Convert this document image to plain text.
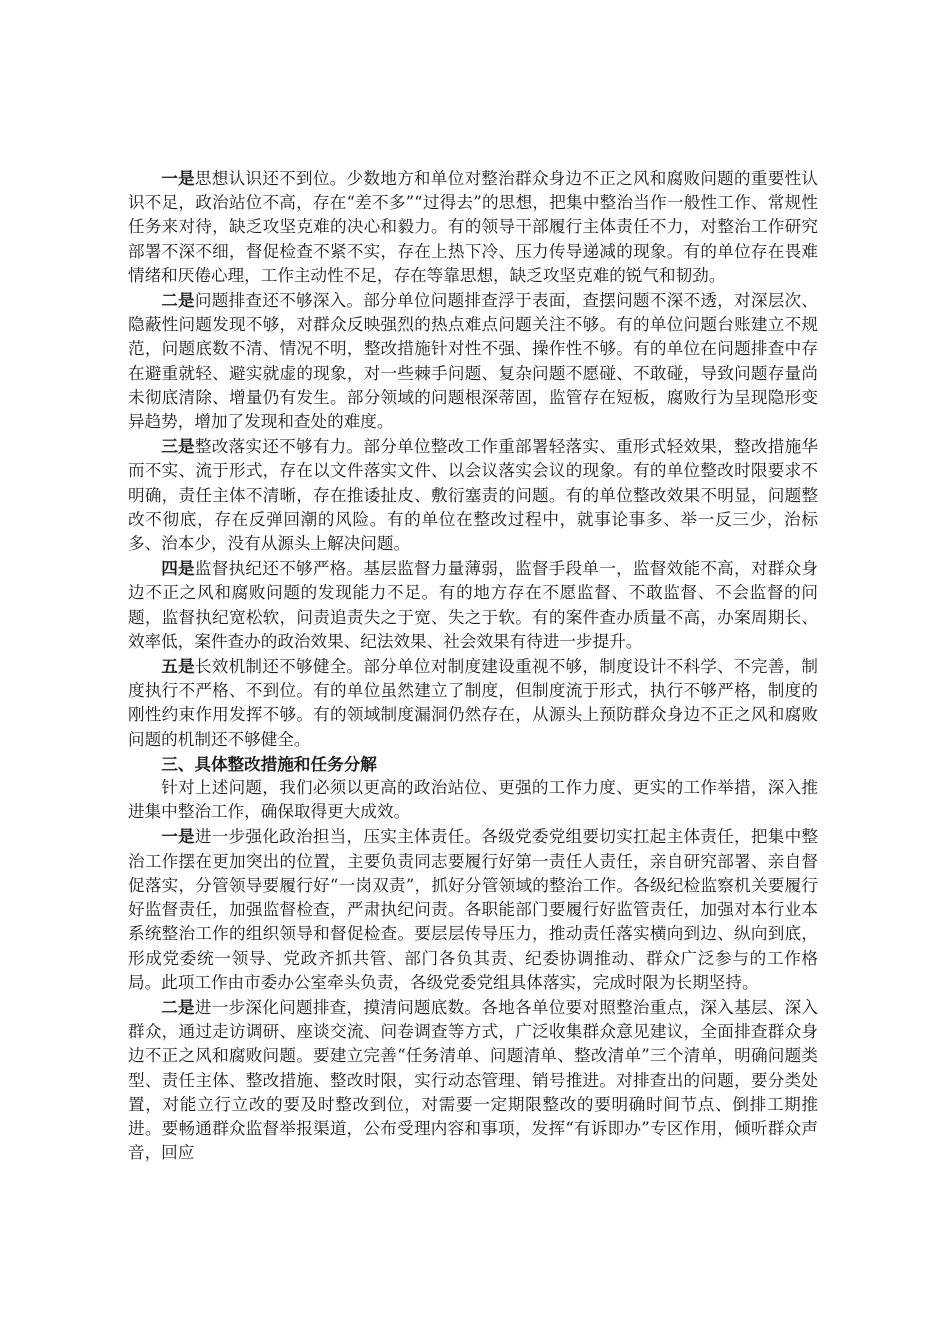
一是思想认识还不到位。少数地方和单位对整治群众身边不正之风和腐败问题的重要性认识不足，政治站位不高，存在“差不多”“过得去”的思想，把集中整治当作一般性工作、常规性任务来对待，缺乏攻坚克难的决心和毅力。有的领导干部履行主体责任不力，对整治工作研究部署不深不细，督促检查不紧不实，存在上热下冷、压力传导递减的现象。有的单位存在畏难情绪和厌倦心理，工作主动性不足，存在等靠思想，缺乏攻坚克难的锐气和韧劲。

二是问题排查还不够深入。部分单位问题排查浮于表面，查摆问题不深不透，对深层次、隐蔽性问题发现不够，对群众反映强烈的热点难点问题关注不够。有的单位问题台账建立不规范，问题底数不清、情况不明，整改措施针对性不强、操作性不够。有的单位在问题排查中存在避重就轻、避实就虚的现象，对一些棘手问题、复杂问题不愿碰、不敢碰，导致问题存量尚未彻底清除、增量仍有发生。部分领域的问题根深蒂固，监管存在短板，腐败行为呈现隐形变异趋势，增加了发现和查处的难度。

三是整改落实还不够有力。部分单位整改工作重部署轻落实、重形式轻效果，整改措施华而不实、流于形式，存在以文件落实文件、以会议落实会议的现象。有的单位整改时限要求不明确，责任主体不清晰，存在推诿扯皮、敷衍塞责的问题。有的单位整改效果不明显，问题整改不彻底，存在反弹回潮的风险。有的单位在整改过程中，就事论事多、举一反三少，治标多、治本少，没有从源头上解决问题。

四是监督执纪还不够严格。基层监督力量薄弱，监督手段单一，监督效能不高，对群众身边不正之风和腐败问题的发现能力不足。有的地方存在不愿监督、不敢监督、不会监督的问题，监督执纪宽松软，问责追责失之于宽、失之于软。有的案件查办质量不高，办案周期长、效率低，案件查办的政治效果、纪法效果、社会效果有待进一步提升。

五是长效机制还不够健全。部分单位对制度建设重视不够，制度设计不科学、不完善，制度执行不严格、不到位。有的单位虽然建立了制度，但制度流于形式，执行不够严格，制度的刚性约束作用发挥不够。有的领域制度漏洞仍然存在，从源头上预防群众身边不正之风和腐败问题的机制还不够健全。

三、具体整改措施和任务分解

针对上述问题，我们必须以更高的政治站位、更强的工作力度、更实的工作举措，深入推进集中整治工作，确保取得更大成效。

一是进一步强化政治担当，压实主体责任。各级党委党组要切实扛起主体责任，把集中整治工作摆在更加突出的位置，主要负责同志要履行好第一责任人责任，亲自研究部署、亲自督促落实，分管领导要履行好“一岗双责”，抓好分管领域的整治工作。各级纪检监察机关要履行好监督责任，加强监督检查，严肃执纪问责。各职能部门要履行好监管责任，加强对本行业本系统整治工作的组织领导和督促检查。要层层传导压力，推动责任落实横向到边、纵向到底，形成党委统一领导、党政齐抓共管、部门各负其责、纪委协调推动、群众广泛参与的工作格局。此项工作由市委办公室牵头负责，各级党委党组具体落实，完成时限为长期坚持。

二是进一步深化问题排查，摸清问题底数。各地各单位要对照整治重点，深入基层、深入群众，通过走访调研、座谈交流、问卷调查等方式，广泛收集群众意见建议，全面排查群众身边不正之风和腐败问题。要建立完善“任务清单、问题清单、整改清单”三个清单，明确问题类型、责任主体、整改措施、整改时限，实行动态管理、销号推进。对排查出的问题，要分类处置，对能立行立改的要及时整改到位，对需要一定期限整改的要明确时间节点、倒排工期推进。要畅通群众监督举报渠道，公布受理内容和事项，发挥“有诉即办”专区作用，倾听群众声音，回应
